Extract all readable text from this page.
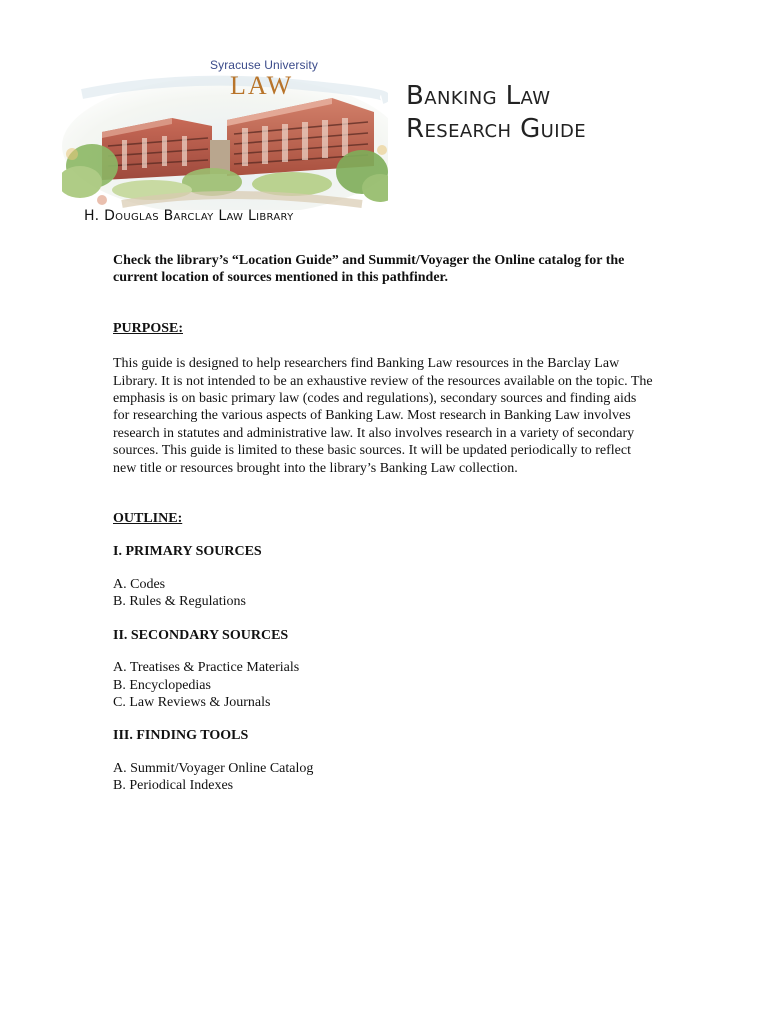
Syracuse University
LAW	Banking Law
Research Guide
H. Douglas Barclay Law Library

Check the library’s “Location Guide” and Summit/Voyager the Online catalog for the current location of sources mentioned in this pathfinder.

PURPOSE:

This guide is designed to help researchers find Banking Law resources in the Barclay Law Library. It is not intended to be an exhaustive review of the resources available on the topic. The emphasis is on basic primary law (codes and regulations), secondary sources and finding aids for researching the various aspects of Banking Law. Most research in Banking Law involves research in statutes and administrative law. It also involves research in a variety of secondary sources. This guide is limited to these basic sources. It will be updated periodically to reflect new title or resources brought into the library’s Banking Law collection.

OUTLINE:

I. PRIMARY SOURCES

A. Codes
B. Rules & Regulations

II. SECONDARY SOURCES

A. Treatises & Practice Materials
B. Encyclopedias
C. Law Reviews & Journals

III. FINDING TOOLS

A. Summit/Voyager Online Catalog
B. Periodical Indexes
